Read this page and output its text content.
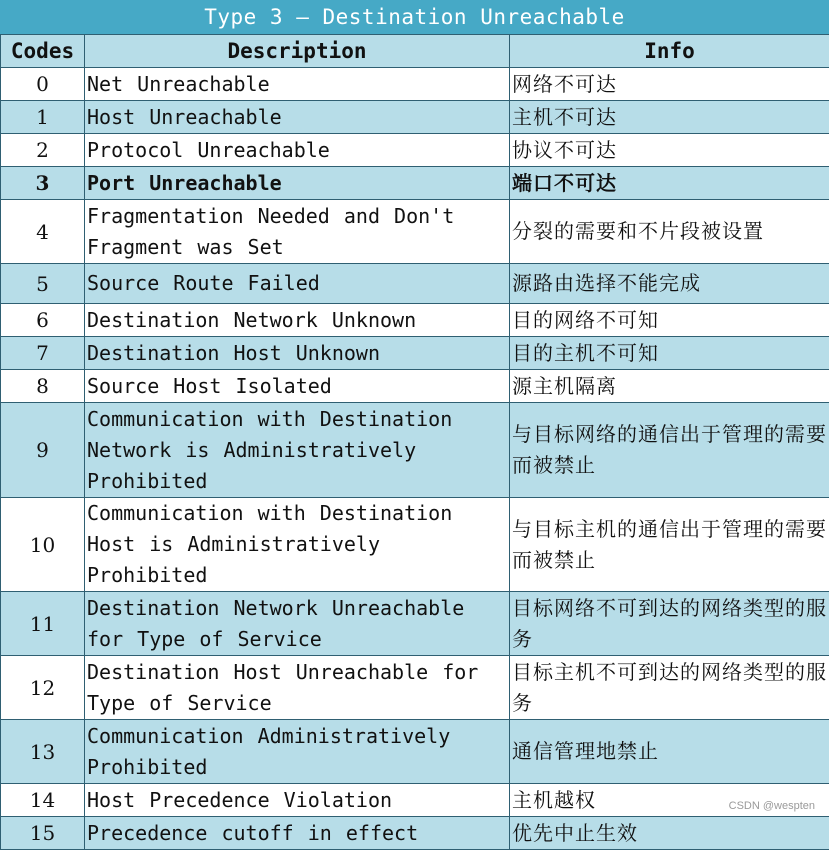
Type 3 — Destination Unreachable
Codes	Description	Info
0	Net Unreachable	网络不可达
1	Host Unreachable	主机不可达
2	Protocol Unreachable	协议不可达
3	Port Unreachable	端口不可达
4	Fragmentation Needed and Don't Fragment was Set	分裂的需要和不片段被设置
5	Source Route Failed	源路由选择不能完成
6	Destination Network Unknown	目的网络不可知
7	Destination Host Unknown	目的主机不可知
8	Source Host Isolated	源主机隔离
9	Communication with Destination Network is Administratively Prohibited	与目标网络的通信出于管理的需要而被禁止
10	Communication with Destination Host is Administratively Prohibited	与目标主机的通信出于管理的需要而被禁止
11	Destination Network Unreachable for Type of Service	目标网络不可到达的网络类型的服务
12	Destination Host Unreachable for Type of Service	目标主机不可到达的网络类型的服务
13	Communication Administratively Prohibited	通信管理地禁止
14	Host Precedence Violation	主机越权
15	Precedence cutoff in effect	优先中止生效
CSDN @wespten
